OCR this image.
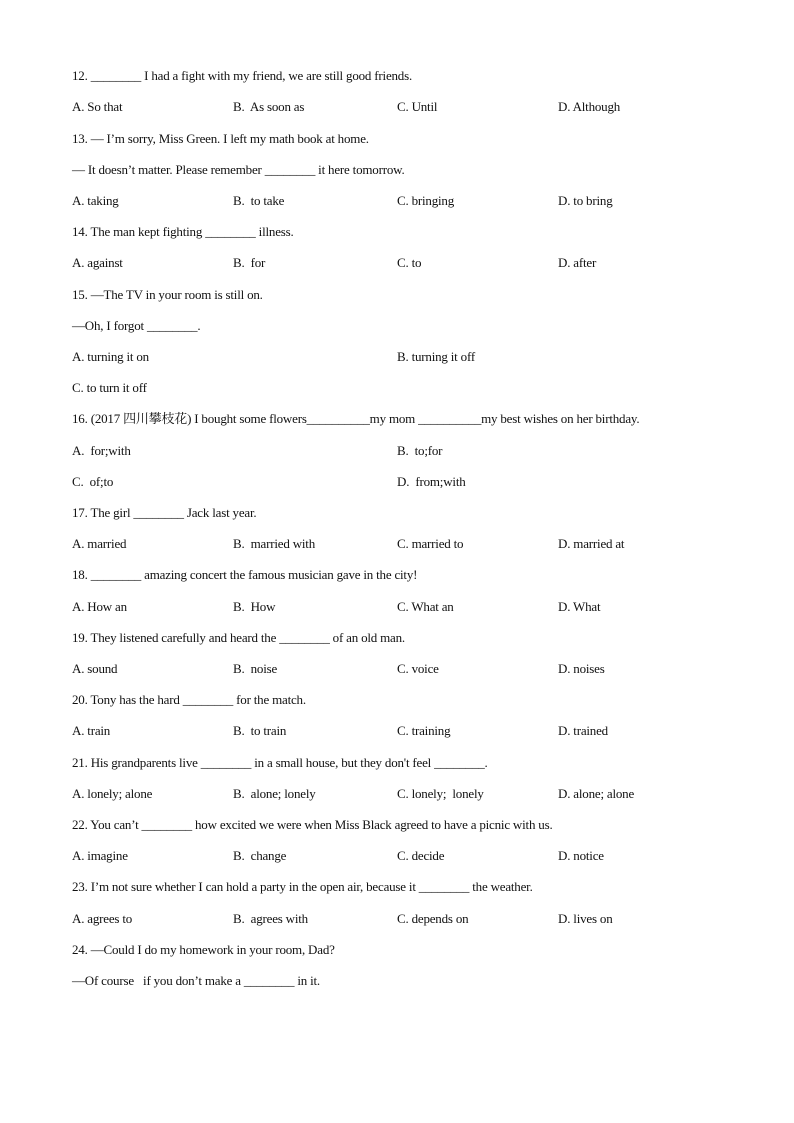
12. ________ I had a fight with my friend, we are still good friends.
A. So that	B.  As soon as	C. Until	D. Although
13. — I’m sorry, Miss Green. I left my math book at home.
— It doesn’t matter. Please remember ________ it here tomorrow.
A. taking	B.  to take	C. bringing	D. to bring
14. The man kept fighting ________ illness.
A. against	B.  for	C. to	D. after
15. —The TV in your room is still on.
—Oh, I forgot ________.
A. turning it on	B. turning it off
C. to turn it off
16. (2017 四川攀枝花) I bought some flowers__________my mom __________my best wishes on her birthday.
A.  for;with	B.  to;for
C.  of;to	D.  from;with
17. The girl ________ Jack last year.
A. married	B.  married with	C. married to	D. married at
18. ________ amazing concert the famous musician gave in the city!
A. How an	B.  How	C. What an	D. What
19. They listened carefully and heard the ________ of an old man.
A. sound	B.  noise	C. voice	D. noises
20. Tony has the hard ________ for the match.
A. train	B.  to train	C. training	D. trained
21. His grandparents live ________ in a small house, but they don't feel ________.
A. lonely; alone	B.  alone; lonely	C. lonely;  lonely	D. alone; alone
22. You can’t ________ how excited we were when Miss Black agreed to have a picnic with us.
A. imagine	B.  change	C. decide	D. notice
23. I’m not sure whether I can hold a party in the open air, because it ________ the weather.
A. agrees to	B.  agrees with	C. depends on	D. lives on
24. —Could I do my homework in your room, Dad?
—Of course   if you don’t make a ________ in it.
